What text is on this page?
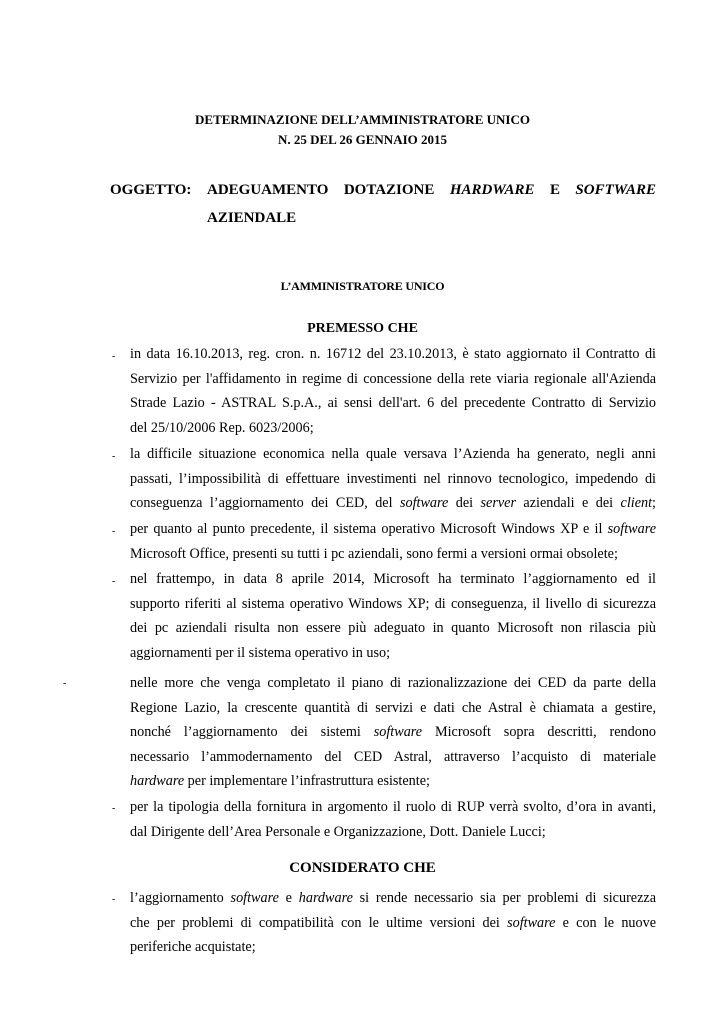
DETERMINAZIONE DELL’AMMINISTRATORE UNICO
N. 25 DEL 26 GENNAIO 2015
OGGETTO: ADEGUAMENTO DOTAZIONE HARDWARE E SOFTWARE
AZIENDALE
L’AMMINISTRATORE UNICO
PREMESSO CHE
- in data 16.10.2013, reg. cron. n. 16712 del 23.10.2013, è stato aggiornato il Contratto di
Servizio per l'affidamento in regime di concessione della rete viaria regionale all'Azienda
Strade Lazio - ASTRAL S.p.A., ai sensi dell'art. 6 del precedente Contratto di Servizio
del 25/10/2006 Rep. 6023/2006;
- la difficile situazione economica nella quale versava l’Azienda ha generato, negli anni
passati, l’impossibilità di effettuare investimenti nel rinnovo tecnologico, impedendo di
conseguenza l’aggiornamento dei CED, del software dei server aziendali e dei client;
- per quanto al punto precedente, il sistema operativo Microsoft Windows XP e il software
Microsoft Office, presenti su tutti i pc aziendali, sono fermi a versioni ormai obsolete;
- nel frattempo, in data 8 aprile 2014, Microsoft ha terminato l’aggiornamento ed il
supporto riferiti al sistema operativo Windows XP; di conseguenza, il livello di sicurezza
dei pc aziendali risulta non essere più adeguato in quanto Microsoft non rilascia più
aggiornamenti per il sistema operativo in uso;
-	nelle more che venga completato il piano di razionalizzazione dei CED da parte della
Regione Lazio, la crescente quantità di servizi e dati che Astral è chiamata a gestire,
nonché l’aggiornamento dei sistemi software Microsoft sopra descritti, rendono
necessario l’ammodernamento del CED Astral, attraverso l’acquisto di materiale
hardware per implementare l’infrastruttura esistente;
- per la tipologia della fornitura in argomento il ruolo di RUP verrà svolto, d’ora in avanti,
dal Dirigente dell’Area Personale e Organizzazione, Dott. Daniele Lucci;
CONSIDERATO CHE
- l’aggiornamento software e hardware si rende necessario sia per problemi di sicurezza
che per problemi di compatibilità con le ultime versioni dei software e con le nuove
periferiche acquistate;
